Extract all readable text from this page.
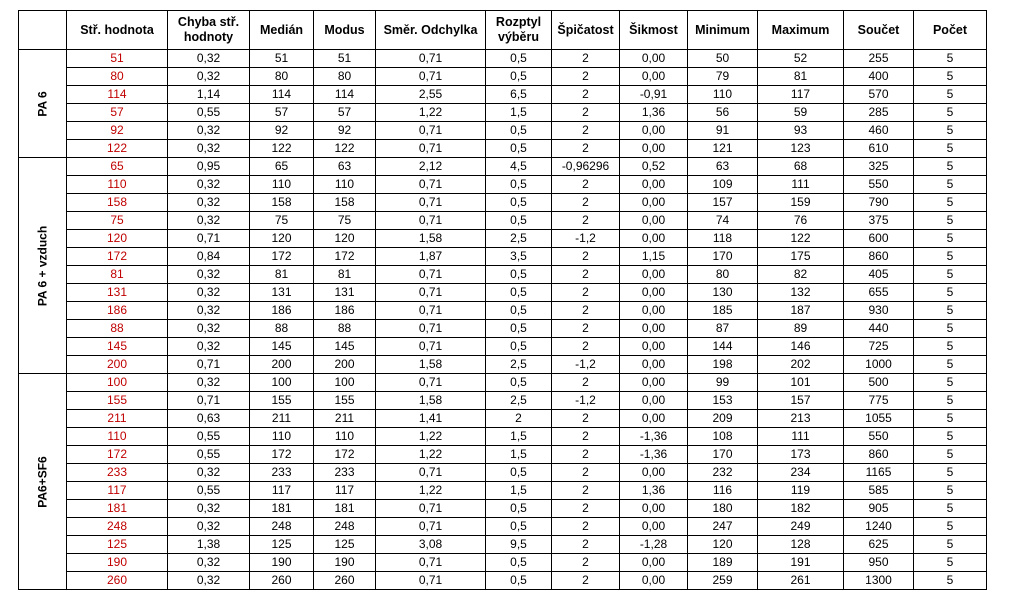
	Stř. hodnota	Chyba stř. hodnoty	Medián	Modus	Směr. Odchylka	Rozptyl výběru	Špičatost	Šikmost	Minimum	Maximum	Součet	Počet

PA 6	51	0,32	51	51	0,71	0,5	2	0,00	50	52	255	5
	80	0,32	80	80	0,71	0,5	2	0,00	79	81	400	5
	114	1,14	114	114	2,55	6,5	2	-0,91	110	117	570	5
	57	0,55	57	57	1,22	1,5	2	1,36	56	59	285	5
	92	0,32	92	92	0,71	0,5	2	0,00	91	93	460	5
	122	0,32	122	122	0,71	0,5	2	0,00	121	123	610	5

PA 6 + vzduch	65	0,95	65	63	2,12	4,5	-0,96296	0,52	63	68	325	5
	110	0,32	110	110	0,71	0,5	2	0,00	109	111	550	5
	158	0,32	158	158	0,71	0,5	2	0,00	157	159	790	5
	75	0,32	75	75	0,71	0,5	2	0,00	74	76	375	5
	120	0,71	120	120	1,58	2,5	-1,2	0,00	118	122	600	5
	172	0,84	172	172	1,87	3,5	2	1,15	170	175	860	5
	81	0,32	81	81	0,71	0,5	2	0,00	80	82	405	5
	131	0,32	131	131	0,71	0,5	2	0,00	130	132	655	5
	186	0,32	186	186	0,71	0,5	2	0,00	185	187	930	5
	88	0,32	88	88	0,71	0,5	2	0,00	87	89	440	5
	145	0,32	145	145	0,71	0,5	2	0,00	144	146	725	5
	200	0,71	200	200	1,58	2,5	-1,2	0,00	198	202	1000	5

PA6+SF6	100	0,32	100	100	0,71	0,5	2	0,00	99	101	500	5
	155	0,71	155	155	1,58	2,5	-1,2	0,00	153	157	775	5
	211	0,63	211	211	1,41	2	2	0,00	209	213	1055	5
	110	0,55	110	110	1,22	1,5	2	-1,36	108	111	550	5
	172	0,55	172	172	1,22	1,5	2	-1,36	170	173	860	5
	233	0,32	233	233	0,71	0,5	2	0,00	232	234	1165	5
	117	0,55	117	117	1,22	1,5	2	1,36	116	119	585	5
	181	0,32	181	181	0,71	0,5	2	0,00	180	182	905	5
	248	0,32	248	248	0,71	0,5	2	0,00	247	249	1240	5
	125	1,38	125	125	3,08	9,5	2	-1,28	120	128	625	5
	190	0,32	190	190	0,71	0,5	2	0,00	189	191	950	5
	260	0,32	260	260	0,71	0,5	2	0,00	259	261	1300	5
